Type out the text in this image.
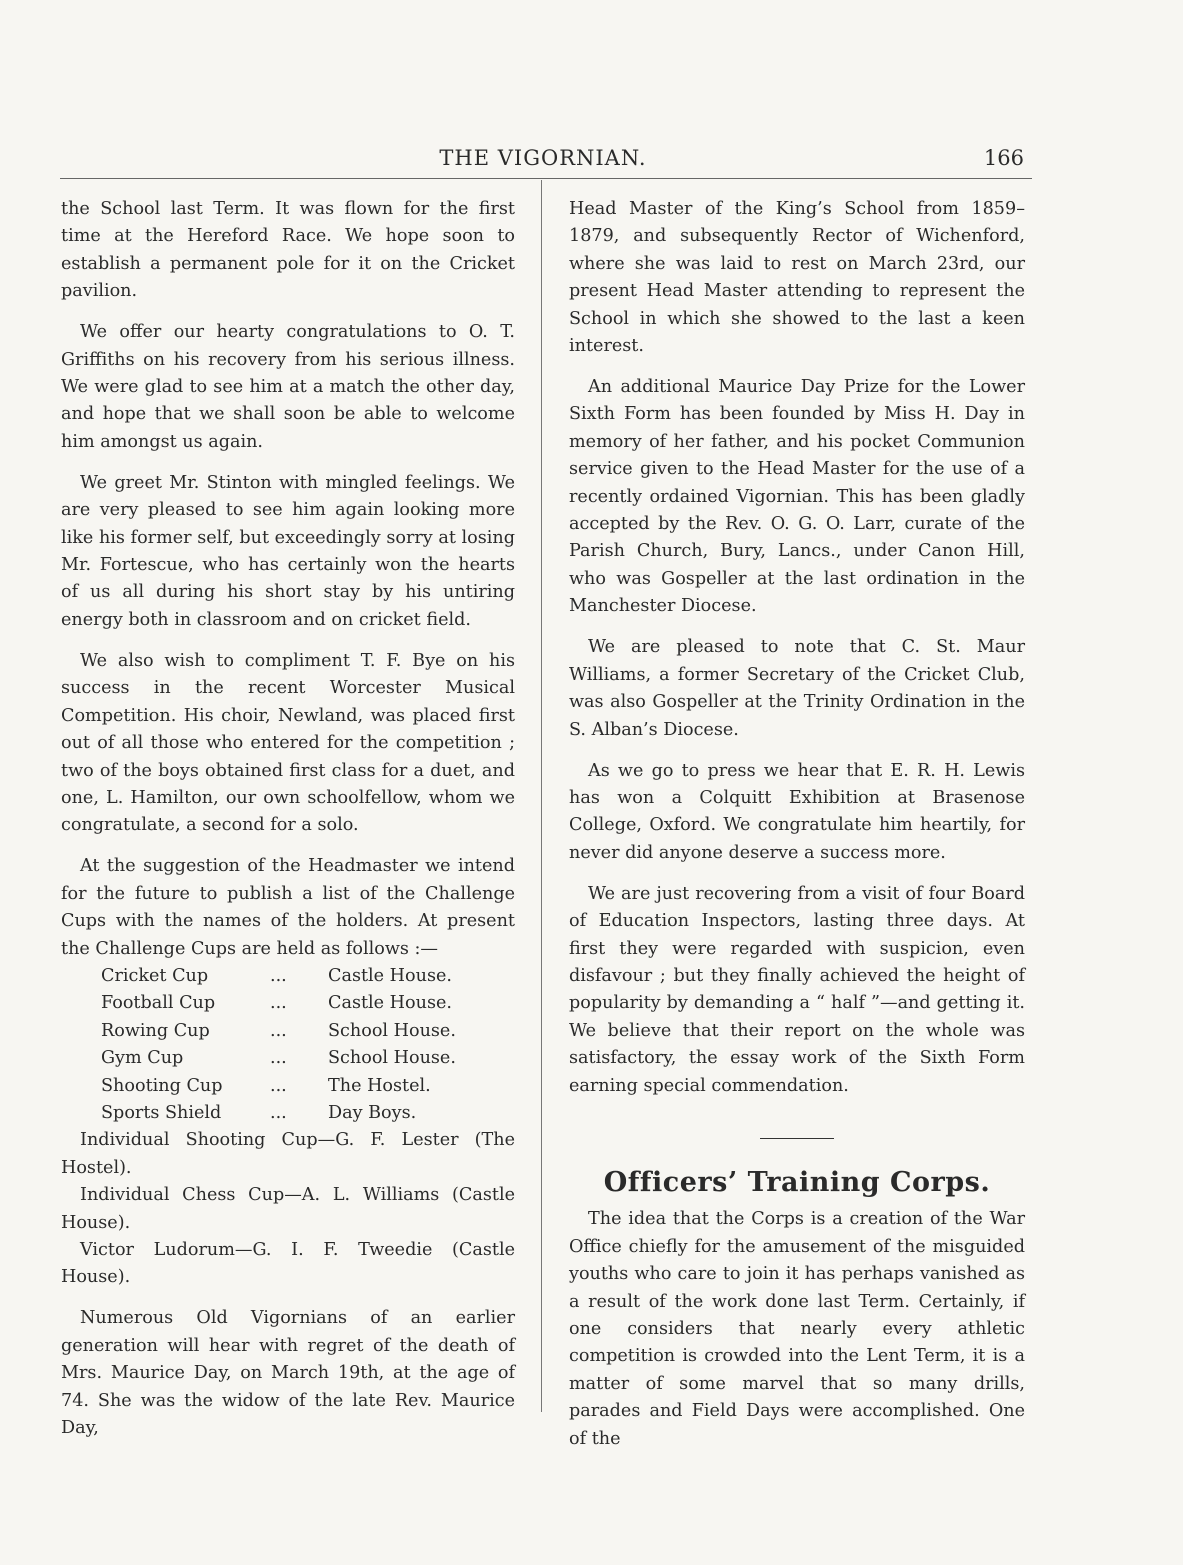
THE VIGORNIAN.	166

the School last Term. It was flown for the first time at the Hereford Race. We hope soon to establish a permanent pole for it on the Cricket pavilion.

We offer our hearty congratulations to O. T. Griffiths on his recovery from his serious illness. We were glad to see him at a match the other day, and hope that we shall soon be able to welcome him amongst us again.

We greet Mr. Stinton with mingled feelings. We are very pleased to see him again looking more like his former self, but exceedingly sorry at losing Mr. Fortescue, who has certainly won the hearts of us all during his short stay by his untiring energy both in classroom and on cricket field.

We also wish to compliment T. F. Bye on his success in the recent Worcester Musical Competition. His choir, Newland, was placed first out of all those who entered for the competition ; two of the boys obtained first class for a duet, and one, L. Hamilton, our own schoolfellow, whom we congratulate, a second for a solo.

At the suggestion of the Headmaster we intend for the future to publish a list of the Challenge Cups with the names of the holders. At present the Challenge Cups are held as follows :—

Cricket Cup	...	Castle House.
Football Cup	...	Castle House.
Rowing Cup	...	School House.
Gym Cup	...	School House.
Shooting Cup	...	The Hostel.
Sports Shield	...	Day Boys.

Individual Shooting Cup—G. F. Lester (The Hostel).

Individual Chess Cup—A. L. Williams (Castle House).

Victor Ludorum—G. I. F. Tweedie (Castle House).

Numerous Old Vigornians of an earlier generation will hear with regret of the death of Mrs. Maurice Day, on March 19th, at the age of 74. She was the widow of the late Rev. Maurice Day,

Head Master of the King’s School from 1859–1879, and subsequently Rector of Wichenford, where she was laid to rest on March 23rd, our present Head Master attending to represent the School in which she showed to the last a keen interest.

An additional Maurice Day Prize for the Lower Sixth Form has been founded by Miss H. Day in memory of her father, and his pocket Communion service given to the Head Master for the use of a recently ordained Vigornian. This has been gladly accepted by the Rev. O. G. O. Larr, curate of the Parish Church, Bury, Lancs., under Canon Hill, who was Gospeller at the last ordination in the Manchester Diocese.

We are pleased to note that C. St. Maur Williams, a former Secretary of the Cricket Club, was also Gospeller at the Trinity Ordination in the S. Alban’s Diocese.

As we go to press we hear that E. R. H. Lewis has won a Colquitt Exhibition at Brasenose College, Oxford. We congratulate him heartily, for never did anyone deserve a success more.

We are just recovering from a visit of four Board of Education Inspectors, lasting three days. At first they were regarded with suspicion, even disfavour ; but they finally achieved the height of popularity by demanding a “ half ”—and getting it. We believe that their report on the whole was satisfactory, the essay work of the Sixth Form earning special commendation.

Officers’ Training Corps.

The idea that the Corps is a creation of the War Office chiefly for the amusement of the misguided youths who care to join it has perhaps vanished as a result of the work done last Term. Certainly, if one considers that nearly every athletic competition is crowded into the Lent Term, it is a matter of some marvel that so many drills, parades and Field Days were accomplished. One of the
